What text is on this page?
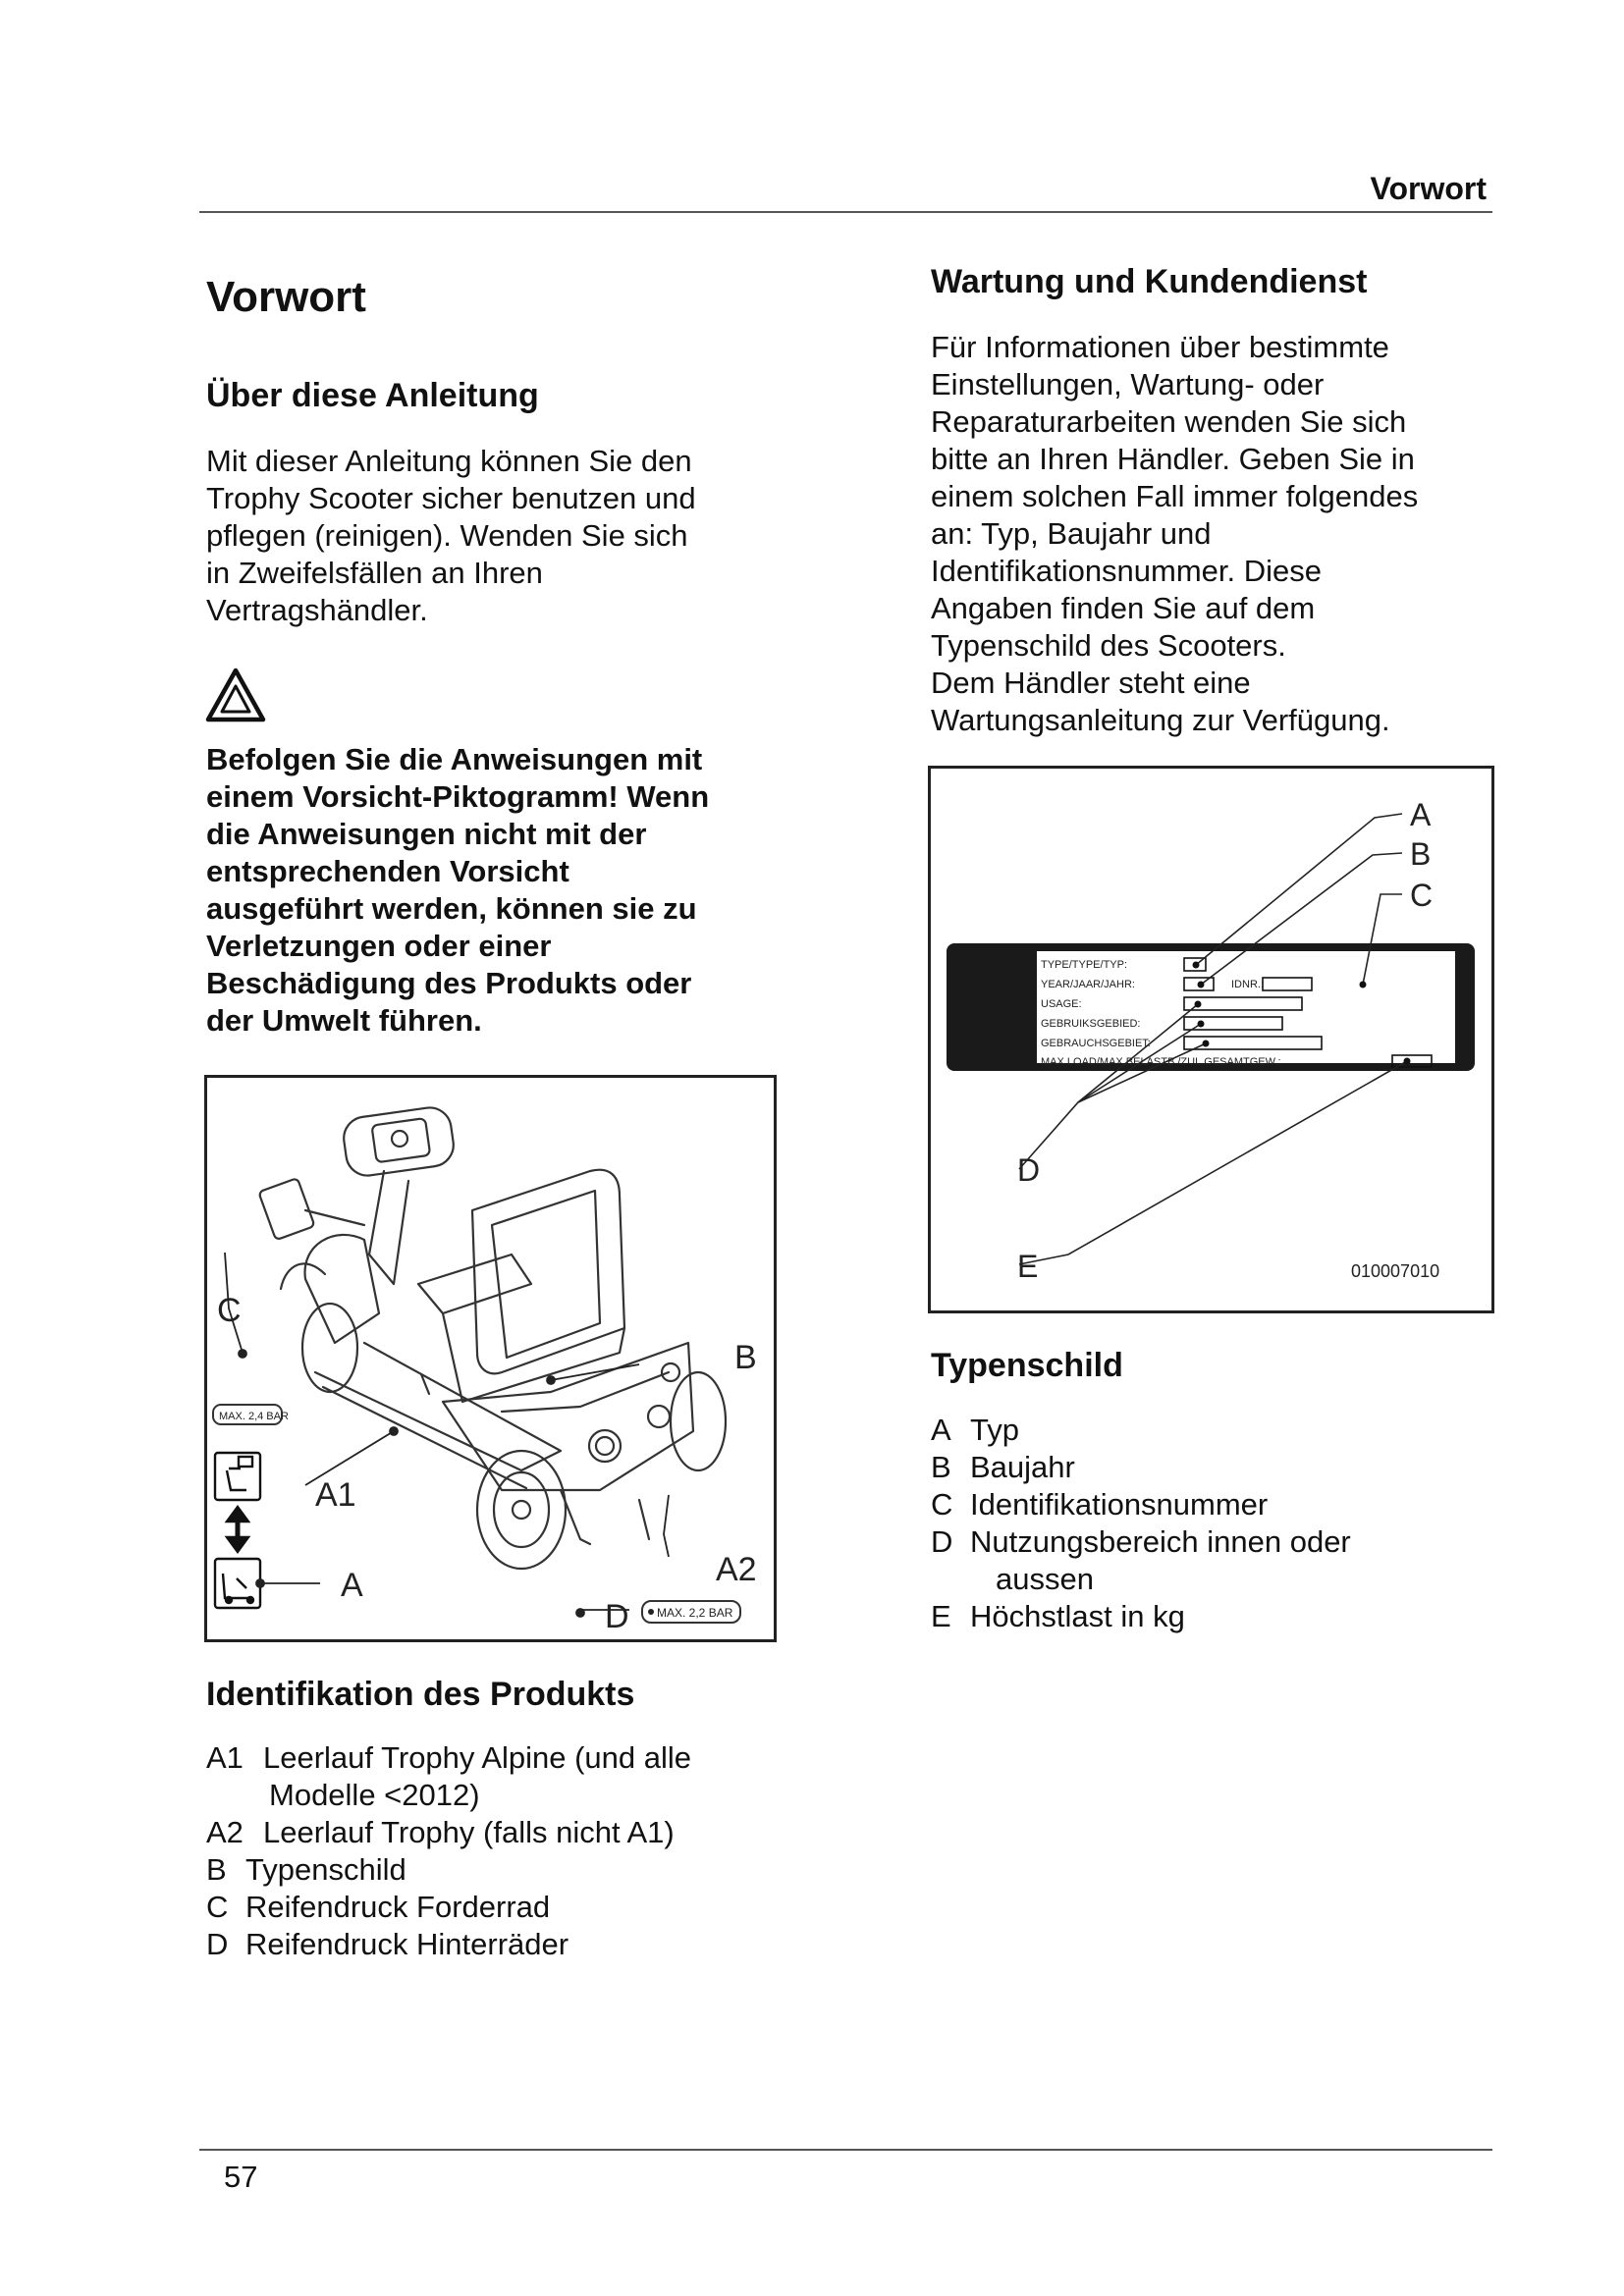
Vorwort
Vorwort
Über diese Anleitung
Mit dieser Anleitung können Sie den
Trophy Scooter sicher benutzen und
pflegen (reinigen). Wenden Sie sich
in Zweifelsfällen an Ihren
Vertragshändler.
Befolgen Sie die Anweisungen mit
einem Vorsicht-Piktogramm! Wenn
die Anweisungen nicht mit der
entsprechenden Vorsicht
ausgeführt werden, können sie zu
Verletzungen oder einer
Beschädigung des Produkts oder
der Umwelt führen.
MAX. 2,4 BAR
MAX. 2,2 BAR
C
B
A1
A	A2
D
Identifikation des Produkts
A1 Leerlauf Trophy Alpine (und alle
Modelle <2012)
A2 Leerlauf Trophy (falls nicht A1)
B Typenschild
C Reifendruck Forderrad
D Reifendruck Hinterräder
Wartung und Kundendienst
Für Informationen über bestimmte
Einstellungen, Wartung- oder
Reparaturarbeiten wenden Sie sich
bitte an Ihren Händler. Geben Sie in
einem solchen Fall immer folgendes
an: Typ, Baujahr und
Identifikationsnummer. Diese
Angaben finden Sie auf dem
Typenschild des Scooters.
Dem Händler steht eine
Wartungsanleitung zur Verfügung.
TYPE/TYPE/TYP:
YEAR/JAAR/JAHR:	IDNR.:
USAGE:
GEBRUIKSGEBIED:
GEBRAUCHSGEBIET:
MAX.LOAD/MAX.BELASTB./ZUL.GESAMTGEW.:
A
B
C
D
E	010007010
Typenschild
A Typ
B Baujahr
C Identifikationsnummer
D Nutzungsbereich innen oder
aussen
E Höchstlast in kg
57
